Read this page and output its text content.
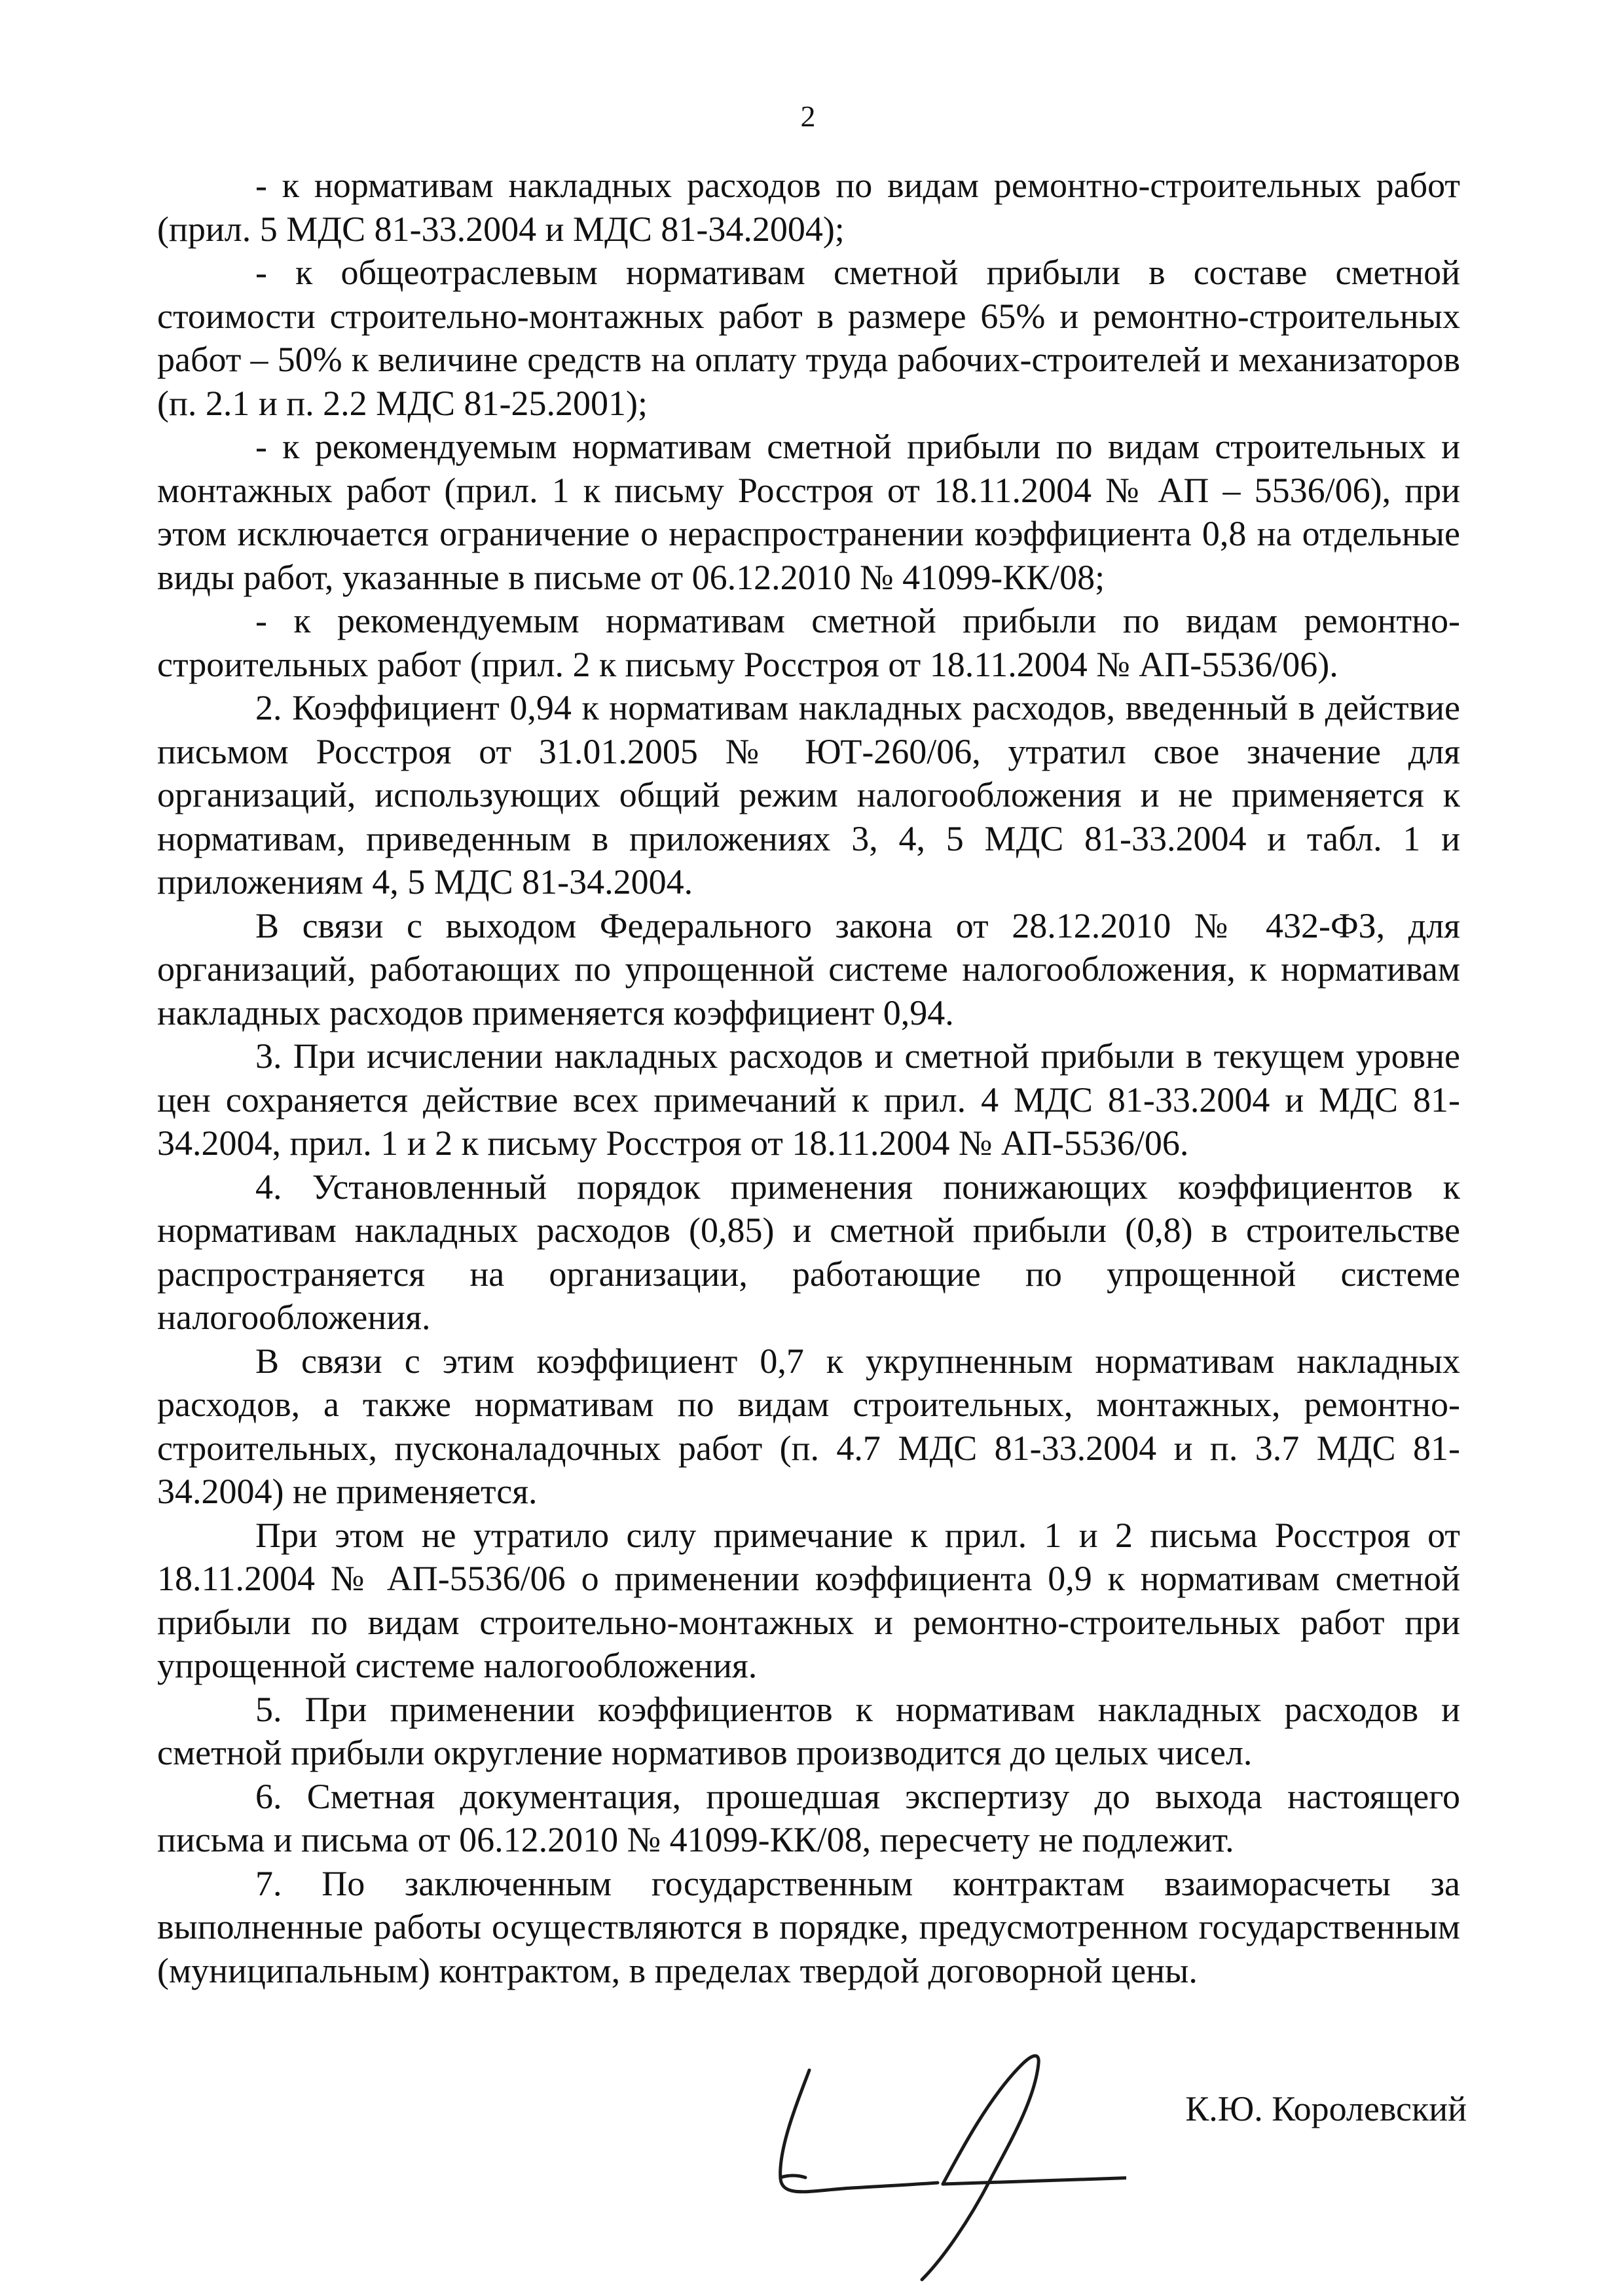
2

- к нормативам накладных расходов по видам ремонтно-строительных работ (прил. 5 МДС 81-33.2004 и МДС 81-34.2004);

- к общеотраслевым нормативам сметной прибыли в составе сметной стоимости строительно-монтажных работ в размере 65% и ремонтно-строительных работ – 50% к величине средств на оплату труда рабочих-строителей и механизаторов (п. 2.1 и п. 2.2 МДС 81-25.2001);

- к рекомендуемым нормативам сметной прибыли по видам строительных и монтажных работ (прил. 1 к письму Росстроя от 18.11.2004 № АП – 5536/06), при этом исключается ограничение о нераспространении коэффициента 0,8 на отдельные виды работ, указанные в письме от 06.12.2010 № 41099-КК/08;

- к рекомендуемым нормативам сметной прибыли по видам ремонтно-строительных работ (прил. 2 к письму Росстроя от 18.11.2004 № АП-5536/06).

2. Коэффициент 0,94 к нормативам накладных расходов, введенный в действие письмом Росстроя от 31.01.2005 № ЮТ-260/06, утратил свое значение для организаций, использующих общий режим налогообложения и не применяется к нормативам, приведенным в приложениях 3, 4, 5 МДС 81-33.2004 и табл. 1 и приложениям 4, 5 МДС 81-34.2004.

В связи с выходом Федерального закона от 28.12.2010 № 432-ФЗ, для организаций, работающих по упрощенной системе налогообложения, к нормативам накладных расходов применяется коэффициент 0,94.

3. При исчислении накладных расходов и сметной прибыли в текущем уровне цен сохраняется действие всех примечаний к прил. 4 МДС 81-33.2004 и МДС 81-34.2004, прил. 1 и 2 к письму Росстроя от 18.11.2004 № АП-5536/06.

4. Установленный порядок применения понижающих коэффициентов к нормативам накладных расходов (0,85) и сметной прибыли (0,8) в строительстве распространяется на организации, работающие по упрощенной системе налогообложения.

В связи с этим коэффициент 0,7 к укрупненным нормативам накладных расходов, а также нормативам по видам строительных, монтажных, ремонтно-строительных, пусконаладочных работ (п. 4.7 МДС 81-33.2004 и п. 3.7 МДС 81-34.2004) не применяется.

При этом не утратило силу примечание к прил. 1 и 2 письма Росстроя от 18.11.2004 № АП-5536/06 о применении коэффициента 0,9 к нормативам сметной прибыли по видам строительно-монтажных и ремонтно-строительных работ при упрощенной системе налогообложения.

5. При применении коэффициентов к нормативам накладных расходов и сметной прибыли округление нормативов производится до целых чисел.

6. Сметная документация, прошедшая экспертизу до выхода настоящего письма и письма от 06.12.2010 № 41099-КК/08, пересчету не подлежит.

7. По заключенным государственным контрактам взаиморасчеты за выполненные работы осуществляются в порядке, предусмотренном государственным (муниципальным) контрактом, в пределах твердой договорной цены.

К.Ю. Королевский
